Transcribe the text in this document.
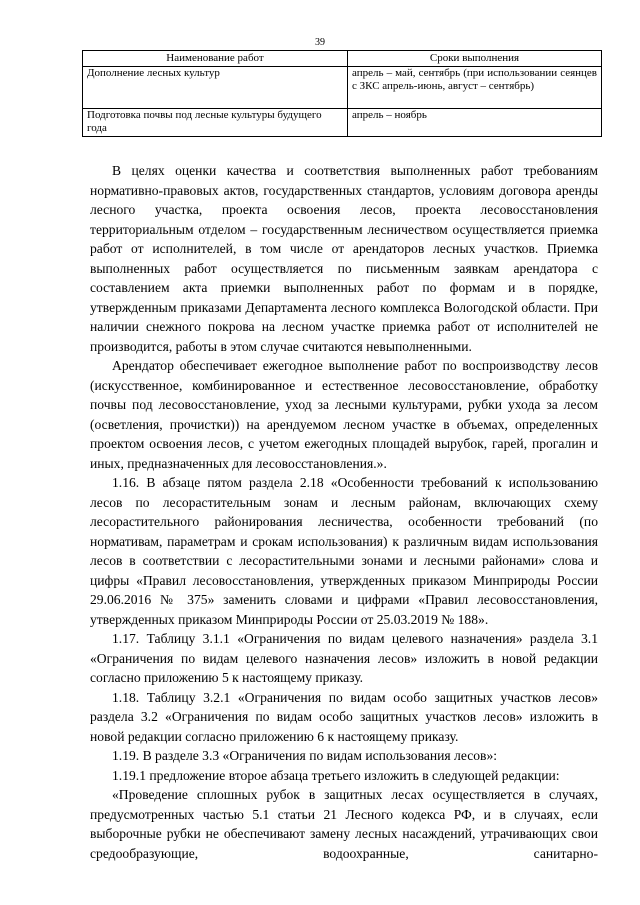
39
Наименование работ	Сроки выполнения
Дополнение лесных культур	апрель – май, сентябрь (при использовании сеянцев с ЗКС апрель-июнь, август – сентябрь)
Подготовка почвы под лесные культуры будущего года	апрель – ноябрь

В целях оценки качества и соответствия выполненных работ требованиям нормативно-правовых актов, государственных стандартов, условиям договора аренды лесного участка, проекта освоения лесов, проекта лесовосстановления территориальным отделом – государственным лесничеством осуществляется приемка работ от исполнителей, в том числе от арендаторов лесных участков. Приемка выполненных работ осуществляется по письменным заявкам арендатора с составлением акта приемки выполненных работ по формам и в порядке, утвержденным приказами Департамента лесного комплекса Вологодской области. При наличии снежного покрова на лесном участке приемка работ от исполнителей не производится, работы в этом случае считаются невыполненными.

Арендатор обеспечивает ежегодное выполнение работ по воспроизводству лесов (искусственное, комбинированное и естественное лесовосстановление, обработку почвы под лесовосстановление, уход за лесными культурами, рубки ухода за лесом (осветления, прочистки)) на арендуемом лесном участке в объемах, определенных проектом освоения лесов, с учетом ежегодных площадей вырубок, гарей, прогалин и иных, предназначенных для лесовосстановления.».

1.16. В абзаце пятом раздела 2.18 «Особенности требований к использованию лесов по лесорастительным зонам и лесным районам, включающих схему лесорастительного районирования лесничества, особенности требований (по нормативам, параметрам и срокам использования) к различным видам использования лесов в соответствии с лесорастительными зонами и лесными районами» слова и цифры «Правил лесовосстановления, утвержденных приказом Минприроды России 29.06.2016 № 375» заменить словами и цифрами «Правил лесовосстановления, утвержденных приказом Минприроды России от 25.03.2019 № 188».

1.17. Таблицу 3.1.1 «Ограничения по видам целевого назначения» раздела 3.1 «Ограничения по видам целевого назначения лесов» изложить в новой редакции согласно приложению 5 к настоящему приказу.

1.18. Таблицу 3.2.1 «Ограничения по видам особо защитных участков лесов» раздела 3.2 «Ограничения по видам особо защитных участков лесов» изложить в новой редакции согласно приложению 6 к настоящему приказу.

1.19. В разделе 3.3 «Ограничения по видам использования лесов»:

1.19.1 предложение второе абзаца третьего изложить в следующей редакции:

«Проведение сплошных рубок в защитных лесах осуществляется в случаях, предусмотренных частью 5.1 статьи 21 Лесного кодекса РФ, и в случаях, если выборочные рубки не обеспечивают замену лесных насаждений, утрачивающих свои средообразующие, водоохранные, санитарно-
